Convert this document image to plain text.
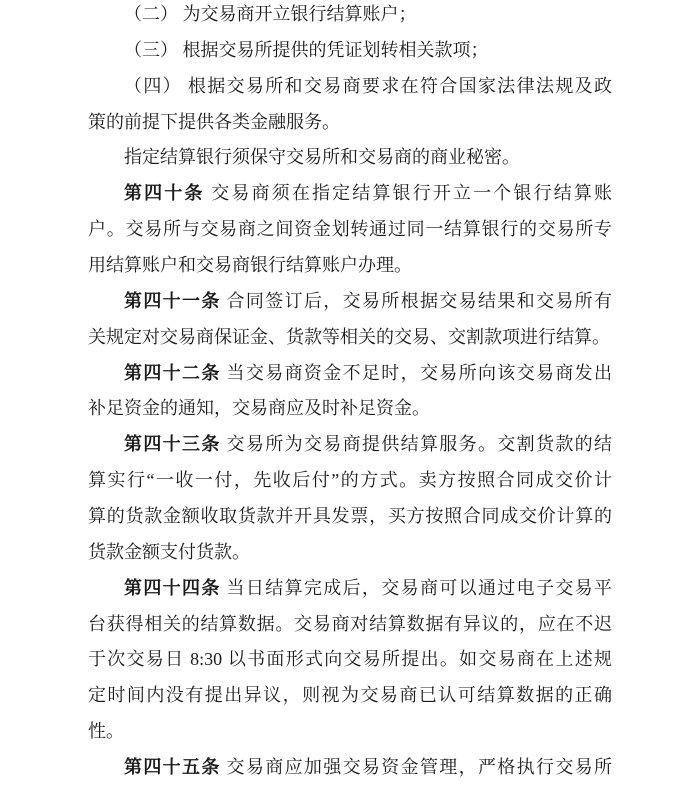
（二） 为交易商开立银行结算账户；
（三） 根据交易所提供的凭证划转相关款项；
（四） 根据交易所和交易商要求在符合国家法律法规及政
策的前提下提供各类金融服务。
指定结算银行须保守交易所和交易商的商业秘密。
第四十条 交易商须在指定结算银行开立一个银行结算账
户。交易所与交易商之间资金划转通过同一结算银行的交易所专
用结算账户和交易商银行结算账户办理。
第四十一条 合同签订后，交易所根据交易结果和交易所有
关规定对交易商保证金、货款等相关的交易、交割款项进行结算。
第四十二条 当交易商资金不足时，交易所向该交易商发出
补足资金的通知，交易商应及时补足资金。
第四十三条 交易所为交易商提供结算服务。交割货款的结
算实行“一收一付，先收后付”的方式。卖方按照合同成交价计
算的货款金额收取货款并开具发票，买方按照合同成交价计算的
货款金额支付货款。
第四十四条 当日结算完成后，交易商可以通过电子交易平
台获得相关的结算数据。交易商对结算数据有异议的，应在不迟
于次交易日 8:30 以书面形式向交易所提出。如交易商在上述规
定时间内没有提出异议，则视为交易商已认可结算数据的正确
性。
第四十五条 交易商应加强交易资金管理，严格执行交易所
